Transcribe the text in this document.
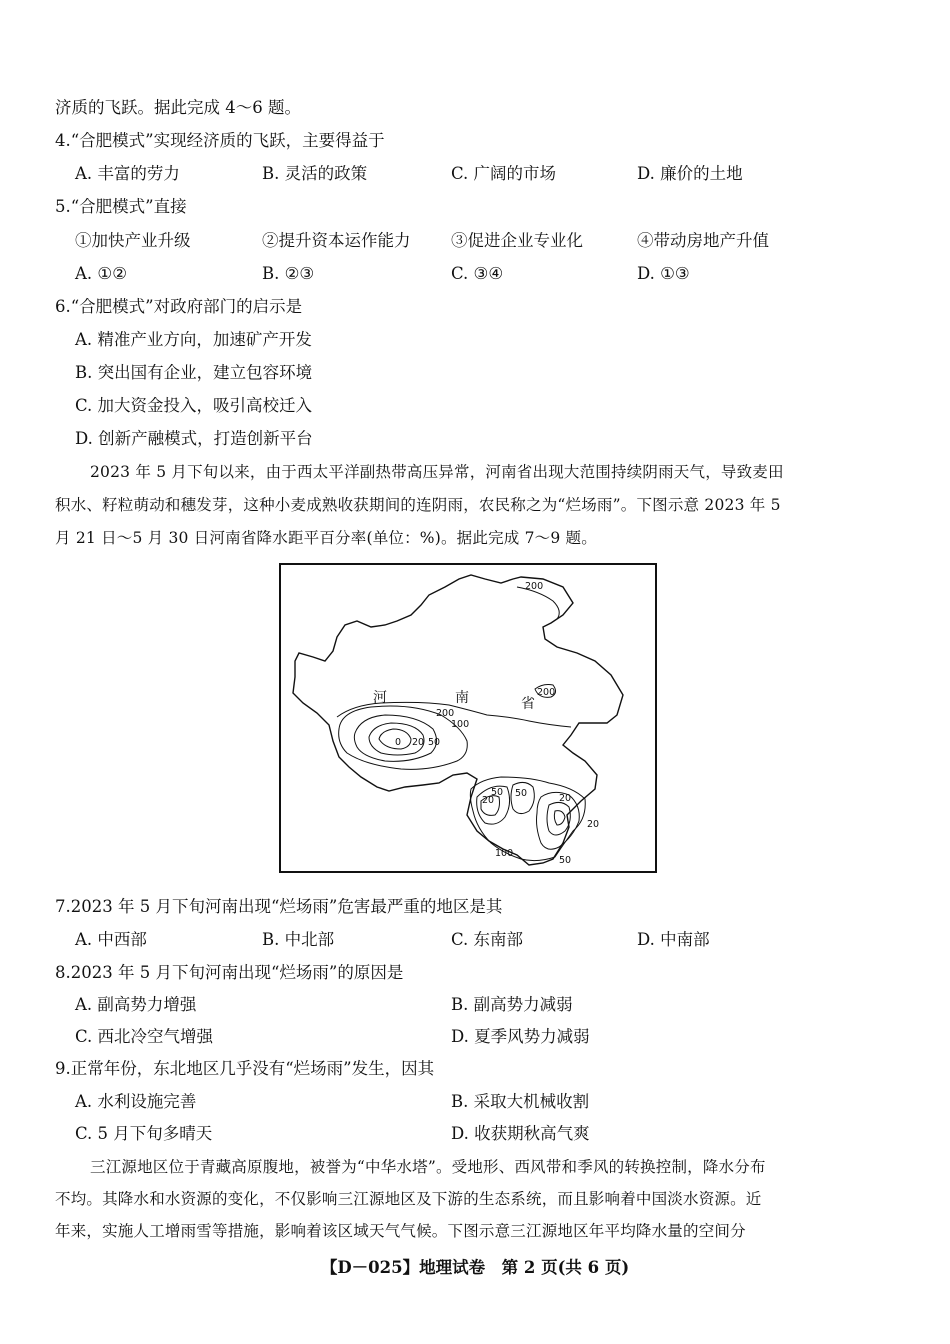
济质的飞跃。据此完成 4～6 题。
4.“合肥模式”实现经济质的飞跃，主要得益于
A. 丰富的劳力	B. 灵活的政策	C. 广阔的市场	D. 廉价的土地
5.“合肥模式”直接
①加快产业升级	②提升资本运作能力 ③促进企业专业化	④带动房地产升值
A. ①②	B. ②③	C. ③④	D. ①③
6.“合肥模式”对政府部门的启示是
A. 精准产业方向，加速矿产开发
B. 突出国有企业，建立包容环境
C. 加大资金投入，吸引高校迁入
D. 创新产融模式，打造创新平台
2023 年 5 月下旬以来，由于西太平洋副热带高压异常，河南省出现大范围持续阴雨天气，导致麦田
积水、籽粒萌动和穗发芽，这种小麦成熟收获期间的连阴雨，农民称之为“烂场雨”。下图示意 2023 年 5
月 21 日～5 月 30 日河南省降水距平百分率(单位：%)。据此完成 7～9 题。
河	南	省
200
200
200
100
0 20 50
50 50
20	20
20
100
50
7.2023 年 5 月下旬河南出现“烂场雨”危害最严重的地区是其
A. 中西部	B. 中北部	C. 东南部	D. 中南部
8.2023 年 5 月下旬河南出现“烂场雨”的原因是
A. 副高势力增强	B. 副高势力减弱
C. 西北冷空气增强	D. 夏季风势力减弱
9.正常年份，东北地区几乎没有“烂场雨”发生，因其
A. 水利设施完善	B. 采取大机械收割
C. 5 月下旬多晴天	D. 收获期秋高气爽
三江源地区位于青藏高原腹地，被誉为“中华水塔”。受地形、西风带和季风的转换控制，降水分布
不均。其降水和水资源的变化，不仅影响三江源地区及下游的生态系统，而且影响着中国淡水资源。近
年来，实施人工增雨雪等措施，影响着该区域天气气候。下图示意三江源地区年平均降水量的空间分
【D－025】地理试卷　第 2 页(共 6 页)
